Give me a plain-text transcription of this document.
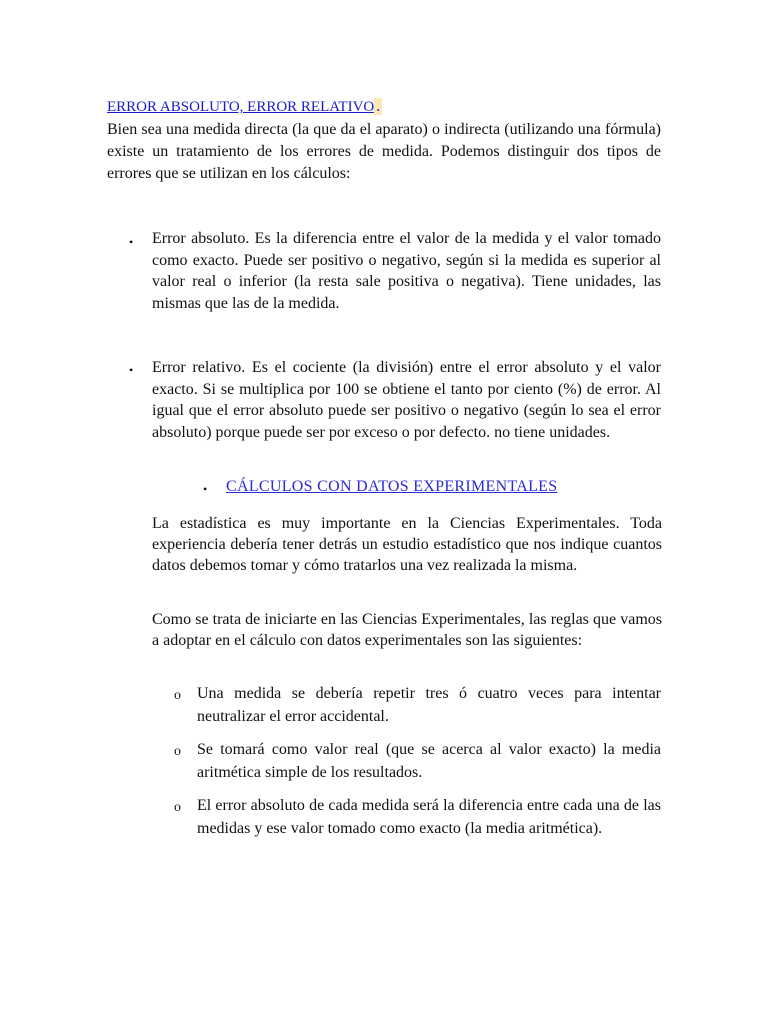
ERROR ABSOLUTO, ERROR RELATIVO .

Bien sea una medida directa (la que da el aparato) o indirecta (utilizando una fórmula) existe un tratamiento de los errores de medida. Podemos distinguir dos tipos de errores que se utilizan en los cálculos:

• Error absoluto. Es la diferencia entre el valor de la medida y el valor tomado como exacto. Puede ser positivo o negativo, según si la medida es superior al valor real o inferior (la resta sale positiva o negativa). Tiene unidades, las mismas que las de la medida.

• Error relativo. Es el cociente (la división) entre el error absoluto y el valor exacto. Si se multiplica por 100 se obtiene el tanto por ciento (%) de error. Al igual que el error absoluto puede ser positivo o negativo (según lo sea el error absoluto) porque puede ser por exceso o por defecto. no tiene unidades.

• CÁLCULOS CON DATOS EXPERIMENTALES

La estadística es muy importante en la Ciencias Experimentales. Toda experiencia debería tener detrás un estudio estadístico que nos indique cuantos datos debemos tomar y cómo tratarlos una vez realizada la misma.

Como se trata de iniciarte en las Ciencias Experimentales, las reglas que vamos a adoptar en el cálculo con datos experimentales son las siguientes:

o Una medida se debería repetir tres ó cuatro veces para intentar neutralizar el error accidental.

o Se tomará como valor real (que se acerca al valor exacto) la media aritmética simple de los resultados.

o El error absoluto de cada medida será la diferencia entre cada una de las medidas y ese valor tomado como exacto (la media aritmética).
